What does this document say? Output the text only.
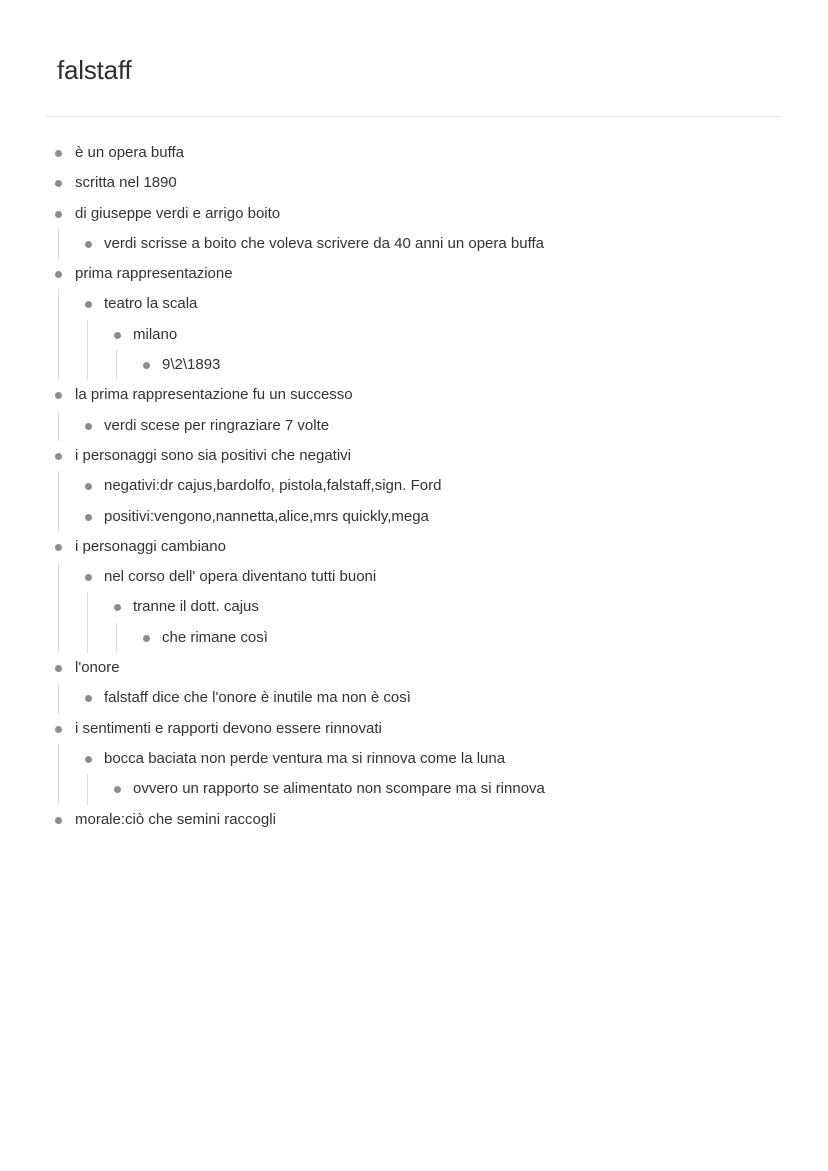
falstaff
è un opera buffa
scritta nel 1890
di giuseppe verdi e arrigo boito
verdi scrisse a boito che voleva scrivere da 40 anni un opera buffa
prima rappresentazione
teatro la scala
milano
9\2\1893
la prima rappresentazione fu un successo
verdi scese per ringraziare 7 volte
i personaggi sono sia positivi che negativi
negativi:dr cajus,bardolfo, pistola,falstaff,sign. Ford
positivi:vengono,nannetta,alice,mrs quickly,mega
i personaggi cambiano
nel corso dell' opera diventano tutti buoni
tranne il dott. cajus
che rimane così
l'onore
falstaff dice che l'onore è inutile ma non è così
i sentimenti e rapporti devono essere rinnovati
bocca baciata non perde ventura ma si rinnova come la luna
ovvero un rapporto se alimentato non scompare ma si rinnova
morale:ciò che semini raccogli
